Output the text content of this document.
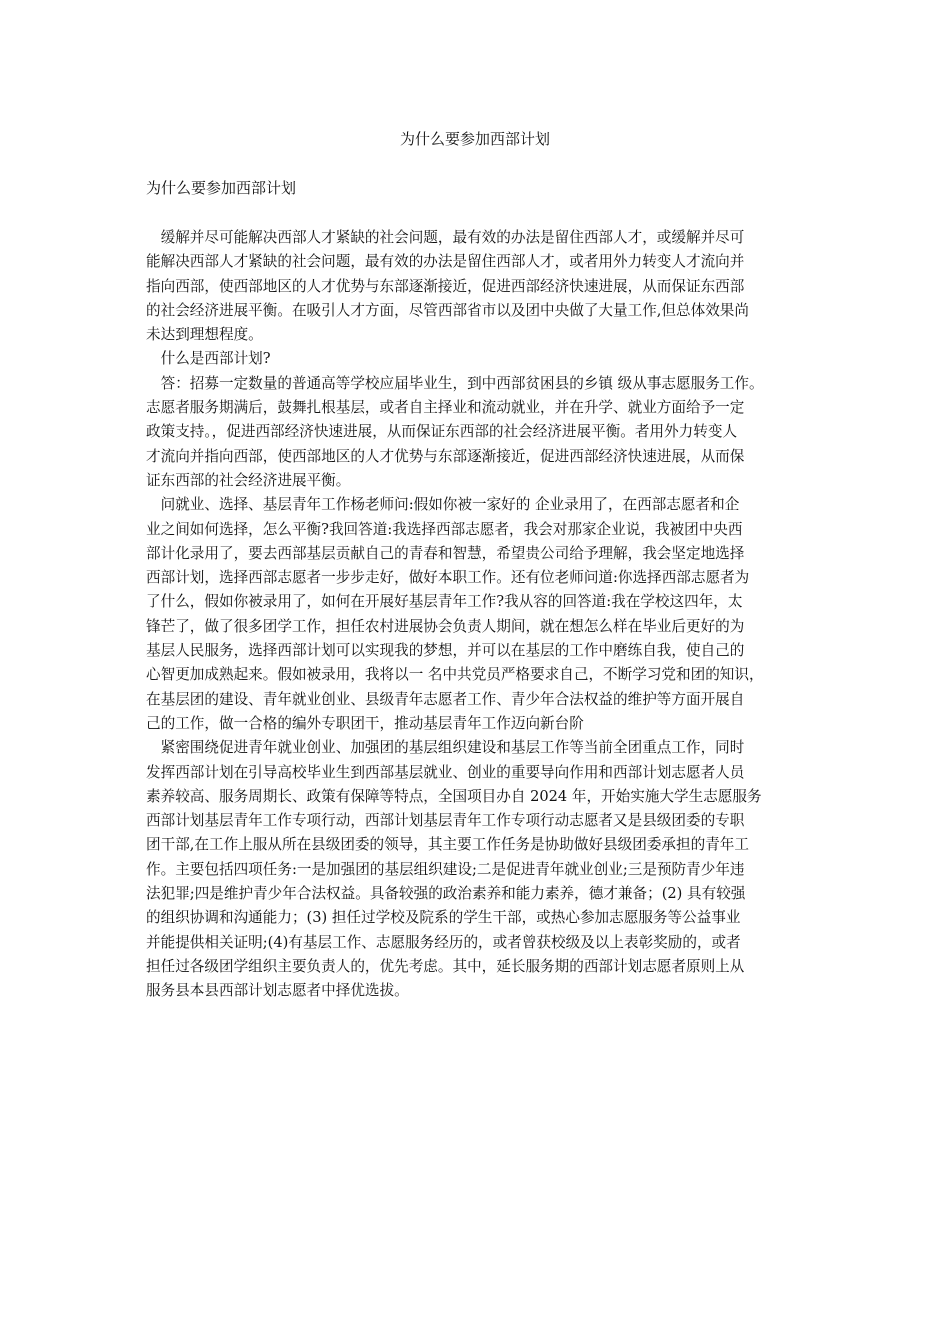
为什么要参加西部计划
为什么要参加西部计划
　缓解并尽可能解决西部人才紧缺的社会问题，最有效的办法是留住西部人才，或缓解并尽可
能解决西部人才紧缺的社会问题，最有效的办法是留住西部人才，或者用外力转变人才流向并
指向西部，使西部地区的人才优势与东部逐渐接近，促进西部经济快速进展，从而保证东西部
的社会经济进展平衡。在吸引人才方面，尽管西部省市以及团中央做了大量工作,但总体效果尚
未达到理想程度。
　什么是西部计划?
　答：招募一定数量的普通高等学校应届毕业生，到中西部贫困县的乡镇 级从事志愿服务工作。
志愿者服务期满后，鼓舞扎根基层，或者自主择业和流动就业，并在升学、就业方面给予一定
政策支持。，促进西部经济快速进展，从而保证东西部的社会经济进展平衡。者用外力转变人
才流向并指向西部，使西部地区的人才优势与东部逐渐接近，促进西部经济快速进展，从而保
证东西部的社会经济进展平衡。
　问就业、选择、基层青年工作杨老师问:假如你被一家好的 企业录用了，在西部志愿者和企
业之间如何选择，怎么平衡?我回答道:我选择西部志愿者，我会对那家企业说，我被团中央西
部计化录用了，要去西部基层贡献自己的青春和智慧，希望贵公司给予理解，我会坚定地选择
西部计划，选择西部志愿者一步步走好，做好本职工作。还有位老师问道:你选择西部志愿者为
了什么，假如你被录用了，如何在开展好基层青年工作?我从容的回答道:我在学校这四年，太
锋芒了，做了很多团学工作，担任农村进展协会负责人期间，就在想怎么样在毕业后更好的为
基层人民服务，选择西部计划可以实现我的梦想，并可以在基层的工作中磨练自我，使自己的
心智更加成熟起来。假如被录用，我将以一 名中共党员严格要求自己，不断学习党和团的知识，
在基层团的建设、青年就业创业、县级青年志愿者工作、青少年合法权益的维护等方面开展自
己的工作，做一合格的编外专职团干，推动基层青年工作迈向新台阶
　紧密围绕促进青年就业创业、加强团的基层组织建设和基层工作等当前全团重点工作，同时
发挥西部计划在引导高校毕业生到西部基层就业、创业的重要导向作用和西部计划志愿者人员
素养较高、服务周期长、政策有保障等特点，全国项目办自 2024 年，开始实施大学生志愿服务
西部计划基层青年工作专项行动，西部计划基层青年工作专项行动志愿者又是县级团委的专职
团干部,在工作上服从所在县级团委的领导，其主要工作任务是协助做好县级团委承担的青年工
作。主要包括四项任务:一是加强团的基层组织建设;二是促进青年就业创业;三是预防青少年违
法犯罪;四是维护青少年合法权益。具备较强的政治素养和能力素养，德才兼备；(2) 具有较强
的组织协调和沟通能力；(3) 担任过学校及院系的学生干部，或热心参加志愿服务等公益事业
并能提供相关证明;(4)有基层工作、志愿服务经历的，或者曾获校级及以上表彰奖励的，或者
担任过各级团学组织主要负责人的，优先考虑。其中，延长服务期的西部计划志愿者原则上从
服务县本县西部计划志愿者中择优选拔。
